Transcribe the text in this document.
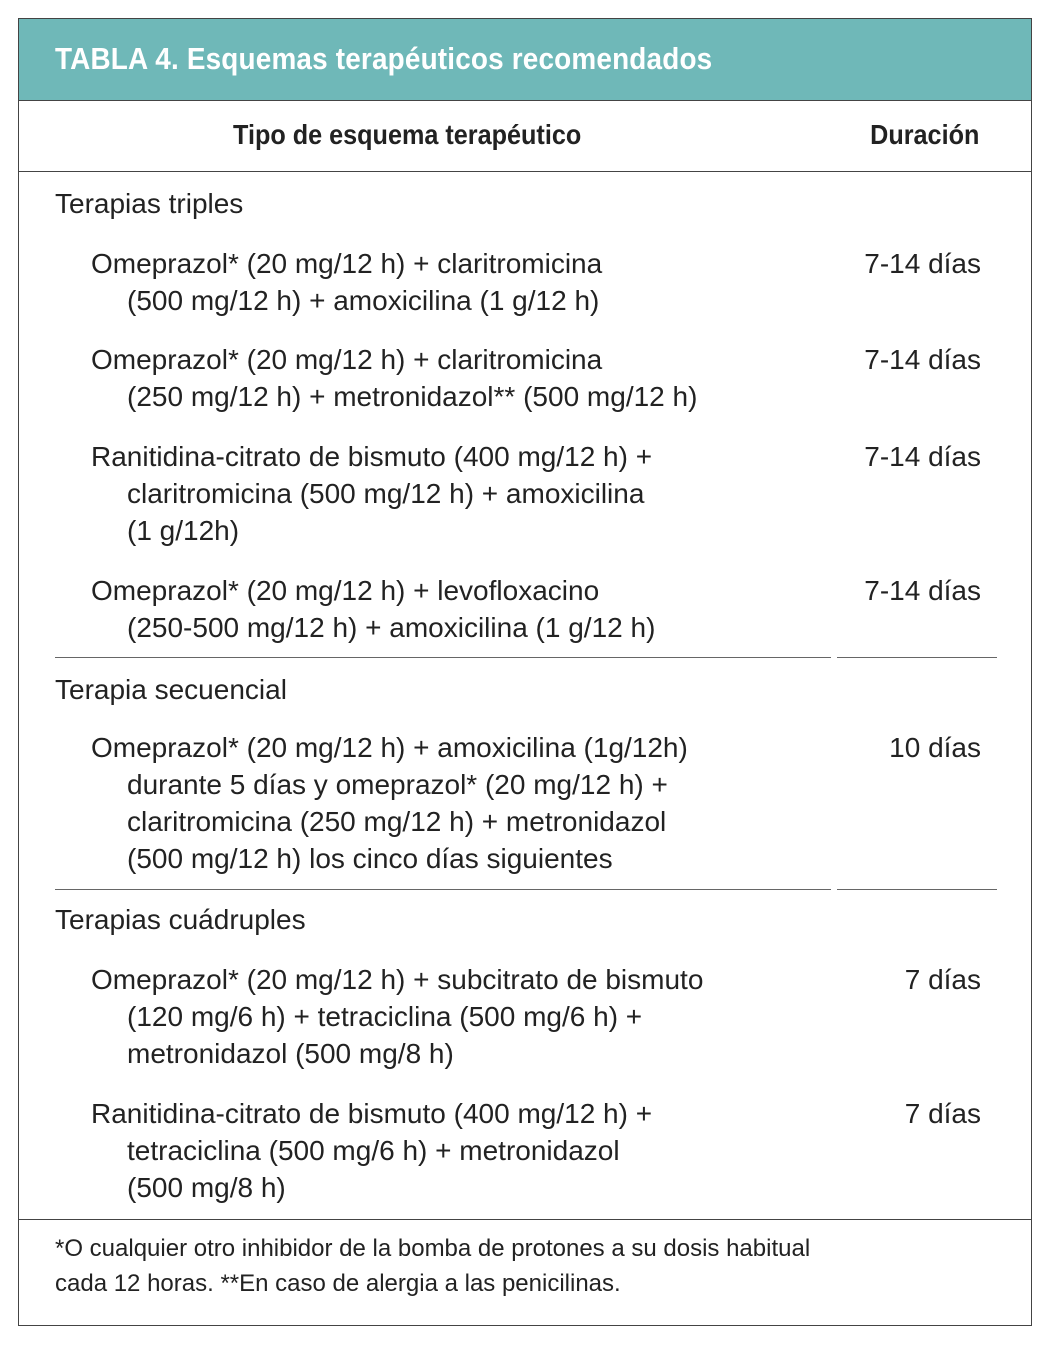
TABLA 4. Esquemas terapéuticos recomendados
Tipo de esquema terapéutico	Duración
Terapias triples
Omeprazol* (20 mg/12 h) + claritromicina
(500 mg/12 h) + amoxicilina (1 g/12 h)
7-14 días
Omeprazol* (20 mg/12 h) + claritromicina
(250 mg/12 h) + metronidazol** (500 mg/12 h)
7-14 días
Ranitidina-citrato de bismuto (400 mg/12 h) +
claritromicina (500 mg/12 h) + amoxicilina
(1 g/12h)
7-14 días
Omeprazol* (20 mg/12 h) + levofloxacino
(250-500 mg/12 h) + amoxicilina (1 g/12 h)
7-14 días
Terapia secuencial
Omeprazol* (20 mg/12 h) + amoxicilina (1g/12h)
durante 5 días y omeprazol* (20 mg/12 h) +
claritromicina (250 mg/12 h) + metronidazol
(500 mg/12 h) los cinco días siguientes
10 días
Terapias cuádruples
Omeprazol* (20 mg/12 h) + subcitrato de bismuto
(120 mg/6 h) + tetraciclina (500 mg/6 h) +
metronidazol (500 mg/8 h)
7 días
Ranitidina-citrato de bismuto (400 mg/12 h) +
tetraciclina (500 mg/6 h) + metronidazol
(500 mg/8 h)
7 días
*O cualquier otro inhibidor de la bomba de protones a su dosis habitual
cada 12 horas. **En caso de alergia a las penicilinas.
